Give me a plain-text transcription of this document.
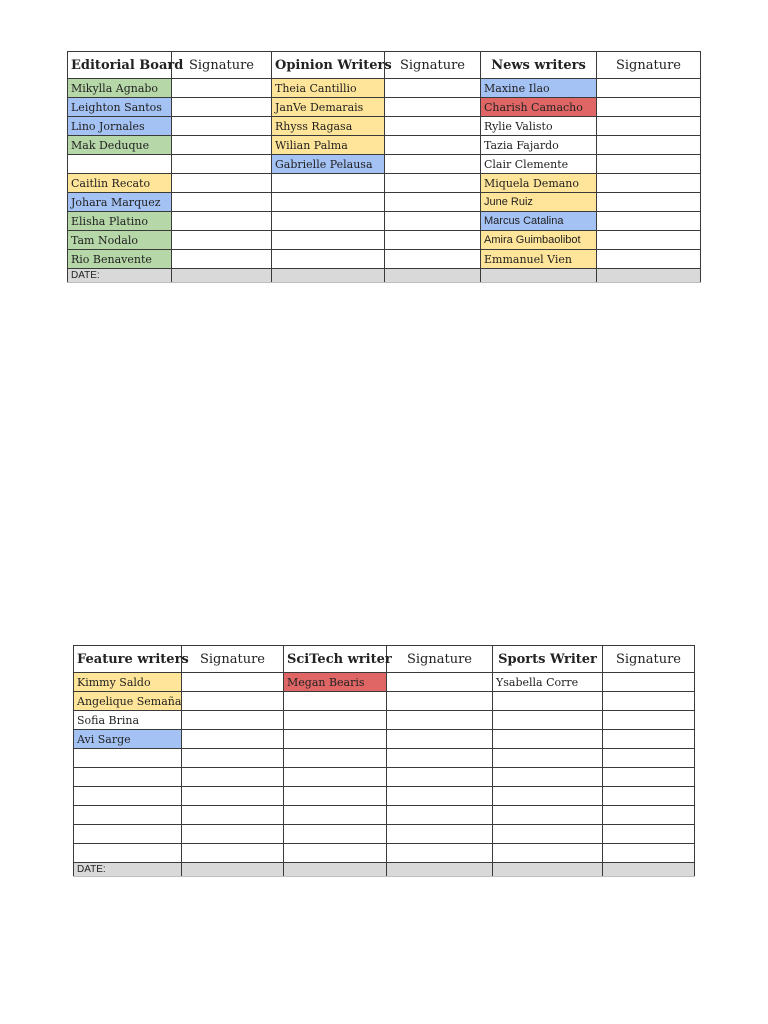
Editorial Board	Signature	Opinion Writers	Signature	News writers	Signature
Mikylla Agnabo		Theia Cantillio		Maxine Ilao	
Leighton Santos		JanVe Demarais		Charish Camacho	
Lino Jornales		Rhyss Ragasa		Rylie Valisto	
Mak Deduque		Wilian Palma		Tazia Fajardo	
		Gabrielle Pelausa		Clair Clemente	
Caitlin Recato				Miquela Demano	
Johara Marquez				June Ruiz	
Elisha Platino				Marcus Catalina	
Tam Nodalo				Amira Guimbaolibot	
Rio Benavente				Emmanuel Vien	
DATE:					
Feature writers	Signature	SciTech writer	Signature	Sports Writer	Signature
Kimmy Saldo		Megan Bearis		Ysabella Corre	
Angelique Semaña					
Sofia Brina					
Avi Sarge					

DATE:					
